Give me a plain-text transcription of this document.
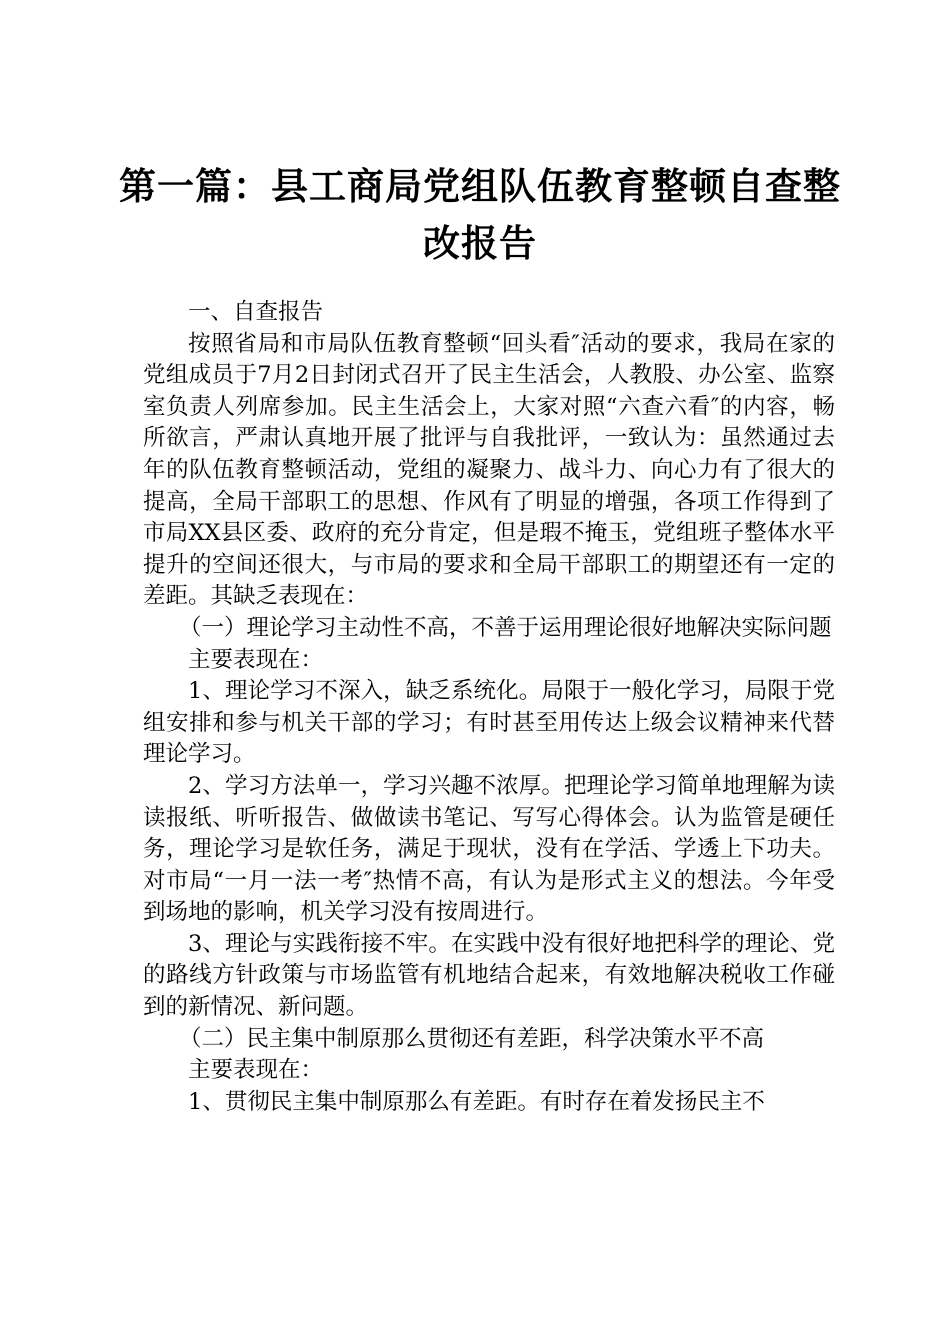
第一篇：县工商局党组队伍教育整顿自查整改报告

一、自查报告

按照省局和市局队伍教育整顿“回头看″活动的要求，我局在家的党组成员于7月2日封闭式召开了民主生活会，人教股、办公室、监察室负责人列席参加。民主生活会上，大家对照“六查六看″的内容，畅所欲言，严肃认真地开展了批评与自我批评，一致认为：虽然通过去年的队伍教育整顿活动，党组的凝聚力、战斗力、向心力有了很大的提高，全局干部职工的思想、作风有了明显的增强，各项工作得到了市局XX县区委、政府的充分肯定，但是瑕不掩玉，党组班子整体水平提升的空间还很大，与市局的要求和全局干部职工的期望还有一定的差距。其缺乏表现在：

（一）理论学习主动性不高，不善于运用理论很好地解决实际问题

主要表现在：

1、理论学习不深入，缺乏系统化。局限于一般化学习，局限于党组安排和参与机关干部的学习；有时甚至用传达上级会议精神来代替理论学习。

2、学习方法单一，学习兴趣不浓厚。把理论学习简单地理解为读读报纸、听听报告、做做读书笔记、写写心得体会。认为监管是硬任务，理论学习是软任务，满足于现状，没有在学活、学透上下功夫。对市局“一月一法一考″热情不高，有认为是形式主义的想法。今年受到场地的影响，机关学习没有按周进行。

3、理论与实践衔接不牢。在实践中没有很好地把科学的理论、党的路线方针政策与市场监管有机地结合起来，有效地解决税收工作碰到的新情况、新问题。

（二）民主集中制原那么贯彻还有差距，科学决策水平不高

主要表现在：

1、贯彻民主集中制原那么有差距。有时存在着发扬民主不
